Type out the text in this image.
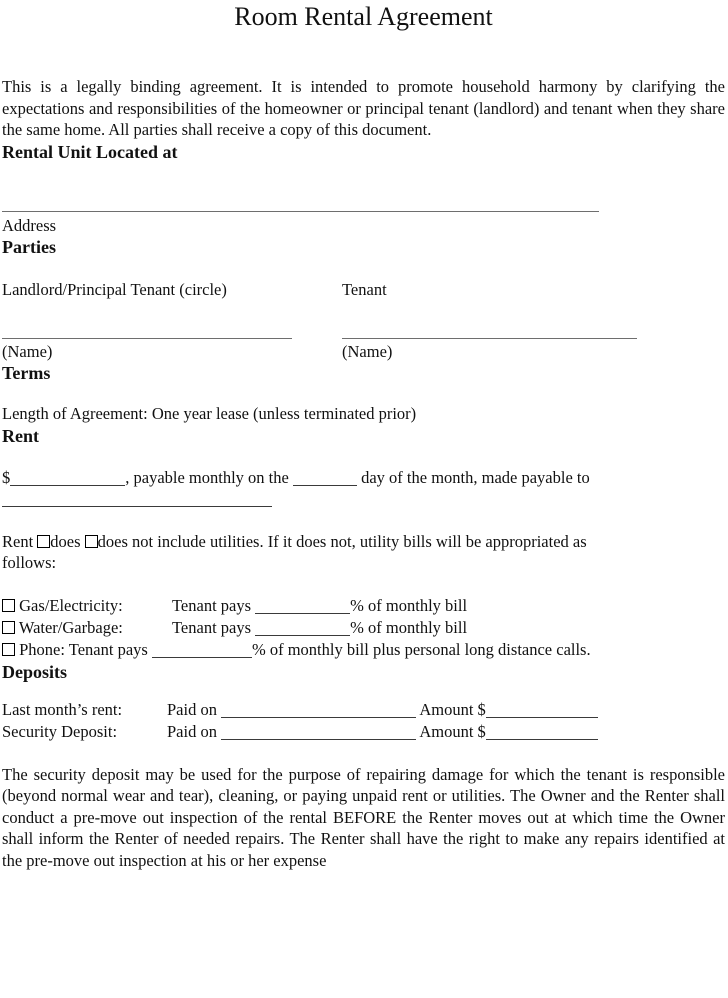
Room Rental Agreement

This is a legally binding agreement. It is intended to promote household harmony by clarifying the expectations and responsibilities of the homeowner or principal tenant (landlord) and tenant when they share the same home. All parties shall receive a copy of this document.

Rental Unit Located at

Address

Parties

Landlord/Principal Tenant (circle)	Tenant

(Name)	(Name)

Terms

Length of Agreement: One year lease (unless terminated prior)

Rent

$	, payable monthly on the	day of the month, made payable to

Rent does does not include utilities. If it does not, utility bills will be appropriated as
follows:

Gas/Electricity:	Tenant pays	% of monthly bill

Water/Garbage:	Tenant pays	% of monthly bill

Phone: Tenant pays	% of monthly bill plus personal long distance calls.

Deposits

Last month’s rent:	Paid on	Amount $

Security Deposit:	Paid on	Amount $

The security deposit may be used for the purpose of repairing damage for which the tenant is responsible (beyond normal wear and tear), cleaning, or paying unpaid rent or utilities. The Owner and the Renter shall conduct a pre-move out inspection of the rental BEFORE the Renter moves out at which time the Owner shall inform the Renter of needed repairs. The Renter shall have the right to make any repairs identified at the pre-move out inspection at his or her expense
